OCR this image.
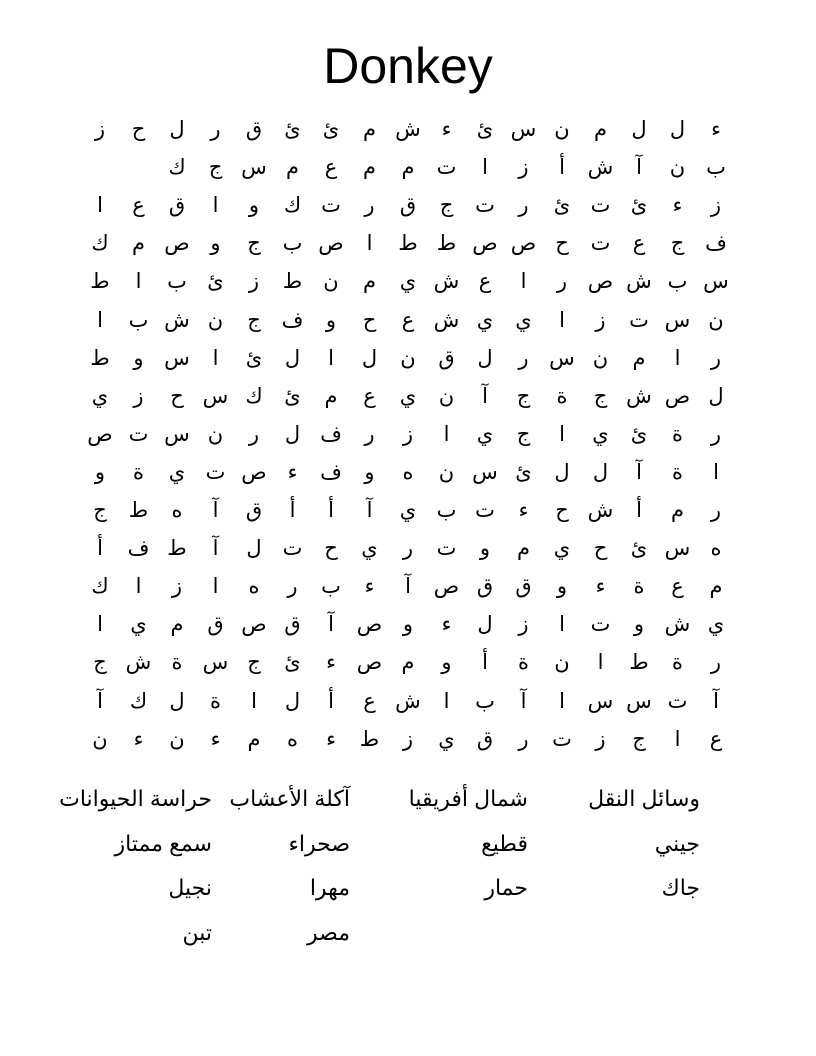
Donkey
ء
ل
ل
م
ن
س
ئ
ء
ش
م
ئ
ئ
ق
ر
ل
ح
ز
ب
ن
آ
ش
أ
ز
ا
ت
م
م
ع
م
س
ج
ك
ز
ء
ئ
ت
ئ
ر
ت
ج
ق
ر
ت
ك
و
ا
ق
ع
ا
ف
ج
ع
ت
ح
ص
ص
ط
ط
ا
ص
ب
ج
و
ص
م
ك
س
ب
ش
ص
ر
ا
ع
ش
ي
م
ن
ط
ز
ئ
ب
ا
ط
ن
س
ت
ز
ا
ي
ي
ش
ع
ح
و
ف
ج
ن
ش
ب
ا
ر
ا
م
ن
س
ر
ل
ق
ن
ل
ا
ل
ئ
ا
س
و
ط
ل
ص
ش
ج
ة
ج
آ
ن
ي
ع
م
ئ
ك
س
ح
ز
ي
ر
ة
ئ
ي
ا
ج
ي
ا
ز
ر
ف
ل
ر
ن
س
ت
ص
ا
ة
آ
ل
ل
ئ
س
ن
ه
و
ف
ء
ص
ت
ي
ة
و
ر
م
أ
ش
ح
ء
ت
ب
ي
آ
أ
أ
ق
آ
ه
ط
ج
ه
س
ئ
ح
ي
م
و
ت
ر
ي
ح
ت
ل
آ
ط
ف
أ
م
ع
ة
ء
و
ق
ق
ص
آ
ء
ب
ر
ه
ا
ز
ا
ك
ي
ش
و
ت
ا
ز
ل
ء
و
ص
آ
ق
ص
ق
م
ي
ا
ر
ة
ط
ا
ن
ة
أ
و
م
ص
ء
ئ
ج
س
ة
ش
ج
آ
ت
س
س
ا
آ
ب
ا
ش
ع
أ
ل
ا
ة
ل
ك
آ
ع
ا
ج
ز
ت
ر
ق
ي
ز
ط
ء
ه
م
ء
ن
ء
ن
وسائل النقل
جيني
جاك
شمال أفريقيا
قطيع
حمار
آكلة الأعشاب
صحراء
مهرا
مصر
حراسة الحيوانات
سمع ممتاز
نجيل
تبن
